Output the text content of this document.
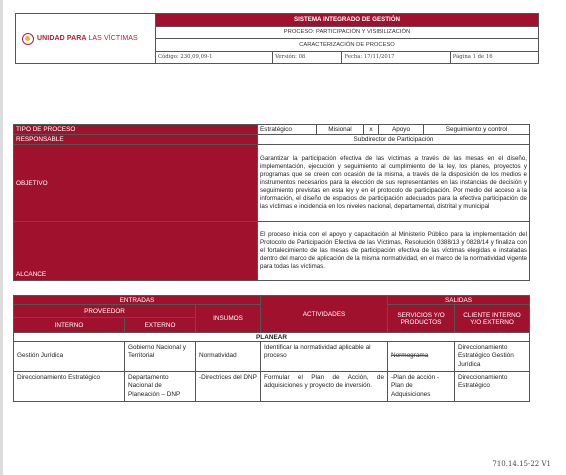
UNIDAD PARA LAS VÍCTIMAS	SISTEMA INTEGRADO DE GESTIÓN			
	PROCESO: PARTICIPACIÓN Y VISIBILIZACIÓN			
	CARACTERIZACIÓN DE PROCESO			
	Código: 230,09,09-1	Versión: 08	Fecha: 17/11/2017	Página 1 de 16
TIPO DE PROCESO	Estratégico	Misional	x	Apoyo	Seguimiento y control
RESPONSABLE	Subdirector de Participación				
OBJETIVO	Garantizar la participación efectiva de las víctimas a través de las mesas en el diseño, implementación, ejecución y seguimiento al cumplimiento de la ley, los planes, proyectos y programas que se creen con ocasión de la misma, a través de la disposición de los medios e instrumentos necesarios para la elección de sus representantes en las instancias de decisión y seguimiento previstas en esta ley y en el protocolo de participación. Por medio del acceso a la información, el diseño de espacios de participación adecuados para la efectiva participación de las víctimas e incidencia en los niveles nacional, departamental, distrital y municipal				
ALCANCE	El proceso inicia con el apoyo y capacitación al Ministerio Público para la implementación del Protocolo de Participación Efectiva de las Víctimas, Resolución 0388/13 y 0828/14 y finaliza con el fortalecimiento de las mesas de participación efectiva de las víctimas elegidas e instaladas dentro del marco de aplicación de la misma normatividad, en el marco de la normatividad vigente para todas las víctimas.				
ENTRADAS			ACTIVIDADES	SALIDAS	
PROVEEDOR		INSUMOS		SERVICIOS Y/O PRODUCTOS	CLIENTE INTERNO Y/O EXTERNO
INTERNO	EXTERNO				
PLANEAR					
Gestión Jurídica	Gobierno Nacional y Territorial	Normatividad	Identificar la normatividad aplicable al proceso	Normograma	Direccionamiento Estratégico Gestión Jurídica
Direccionamiento Estratégico	Departamento Nacional de Planeación – DNP	-Directrices del DNP	Formular el Plan de Acción, de adquisiciones y proyecto de inversión.	-Plan de acción -Plan de Adquisiciones	Direccionamiento Estratégico
710.14.15-22 V1
